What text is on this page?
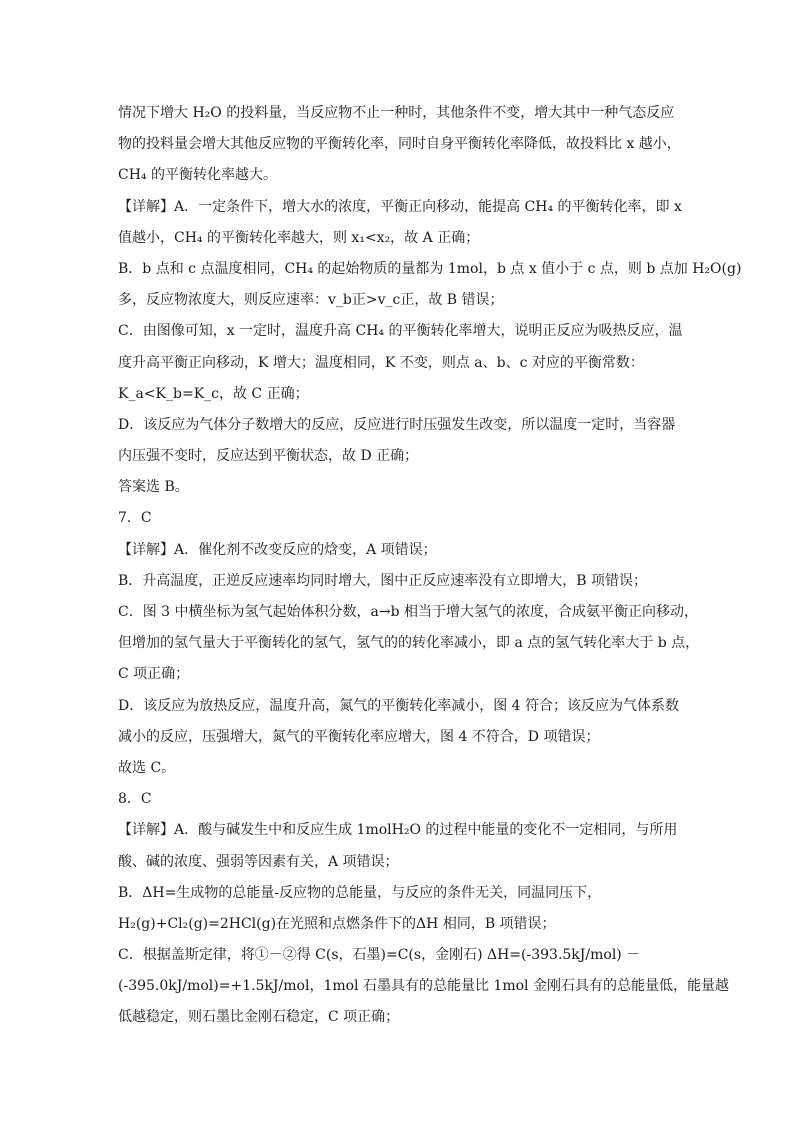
情况下增大 H₂O 的投料量，当反应物不止一种时，其他条件不变，增大其中一种气态反应
物的投料量会增大其他反应物的平衡转化率，同时自身平衡转化率降低，故投料比 x 越小，
CH₄ 的平衡转化率越大。
【详解】A．一定条件下，增大水的浓度，平衡正向移动，能提高 CH₄ 的平衡转化率，即 x
值越小，CH₄ 的平衡转化率越大，则 x₁<x₂，故 A 正确；
B．b 点和 c 点温度相同，CH₄ 的起始物质的量都为 1mol，b 点 x 值小于 c 点，则 b 点加 H₂O(g)
多，反应物浓度大，则反应速率：v_b正>v_c正，故 B 错误；
C．由图像可知，x 一定时，温度升高 CH₄ 的平衡转化率增大，说明正反应为吸热反应，温
度升高平衡正向移动，K 增大；温度相同，K 不变，则点 a、b、c 对应的平衡常数：
K_a<K_b=K_c，故 C 正确；
D．该反应为气体分子数增大的反应，反应进行时压强发生改变，所以温度一定时，当容器
内压强不变时，反应达到平衡状态，故 D 正确；
答案选 B。
7．C
【详解】A．催化剂不改变反应的焓变，A 项错误；
B．升高温度，正逆反应速率均同时增大，图中正反应速率没有立即增大，B 项错误；
C．图 3 中横坐标为氢气起始体积分数，a→b 相当于增大氢气的浓度，合成氨平衡正向移动，
但增加的氢气量大于平衡转化的氢气，氢气的的转化率减小，即 a 点的氢气转化率大于 b 点，
C 项正确；
D．该反应为放热反应，温度升高，氮气的平衡转化率减小，图 4 符合；该反应为气体系数
减小的反应，压强增大，氮气的平衡转化率应增大，图 4 不符合，D 项错误；
故选 C。
8．C
【详解】A．酸与碱发生中和反应生成 1molH₂O 的过程中能量的变化不一定相同，与所用
酸、碱的浓度、强弱等因素有关，A 项错误；
B．ΔH=生成物的总能量-反应物的总能量，与反应的条件无关，同温同压下，
H₂(g)+Cl₂(g)=2HCl(g)在光照和点燃条件下的ΔH 相同，B 项错误；
C．根据盖斯定律，将①－②得 C(s，石墨)=C(s，金刚石) ΔH=(-393.5kJ/mol) －
(-395.0kJ/mol)=+1.5kJ/mol，1mol 石墨具有的总能量比 1mol 金刚石具有的总能量低，能量越
低越稳定，则石墨比金刚石稳定，C 项正确；
